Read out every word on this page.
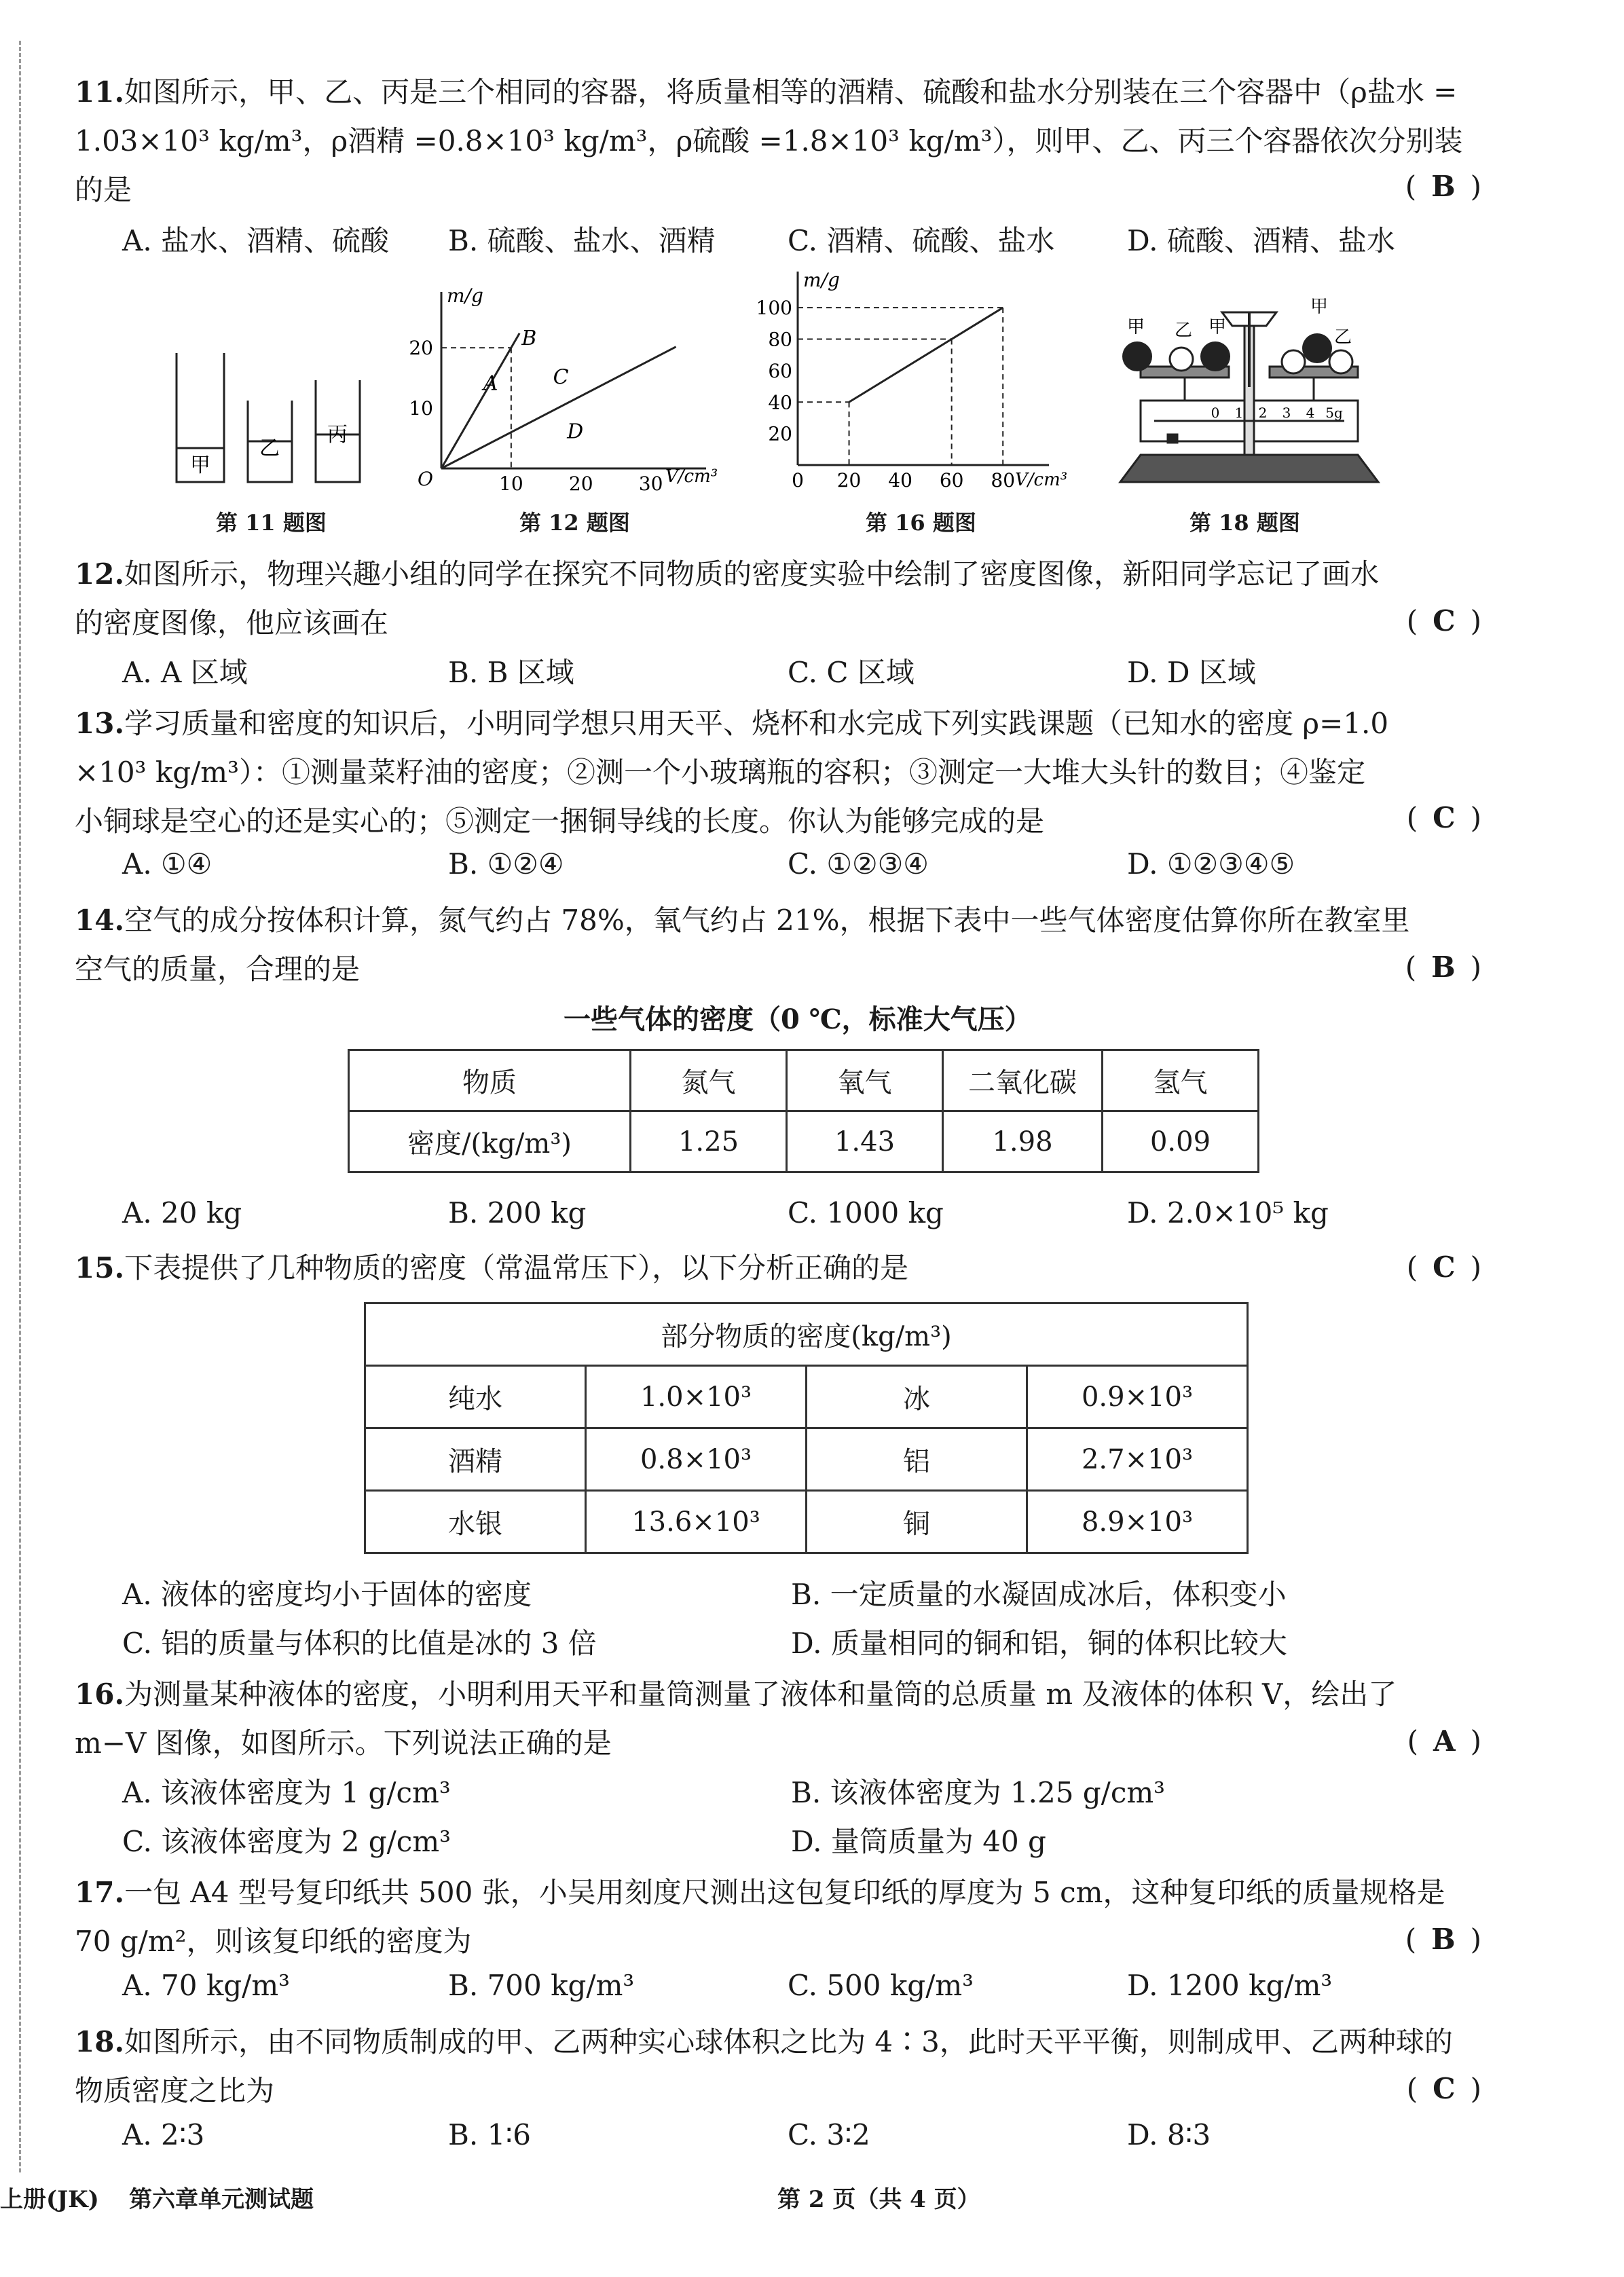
11.如图所示，甲、乙、丙是三个相同的容器，将质量相等的酒精、硫酸和盐水分别装在三个容器中（ρ盐水 =
1.03×10³ kg/m³，ρ酒精 =0.8×10³ kg/m³，ρ硫酸 =1.8×10³ kg/m³），则甲、乙、丙三个容器依次分别装
的是	( B )
A. 盐水、酒精、硫酸 B. 硫酸、盐水、酒精	C. 酒精、硫酸、盐水	D. 硫酸、酒精、盐水
甲
乙
丙
第 11 题图
m/g
V/cm³
O	10 20 30
10
20
A
B
C
D
第 12 题图
m/g
V/cm³
0 20 40 60 80
20
40
60
80
100
第 16 题图
甲 乙 甲
甲
乙
0 1 2 3 4 5g
第 18 题图
12.如图所示，物理兴趣小组的同学在探究不同物质的密度实验中绘制了密度图像，新阳同学忘记了画水
的密度图像，他应该画在	( C )
A. A 区域	B. B 区域	C. C 区域	D. D 区域
13.学习质量和密度的知识后，小明同学想只用天平、烧杯和水完成下列实践课题（已知水的密度 ρ=1.0
×10³ kg/m³）：①测量菜籽油的密度；②测一个小玻璃瓶的容积；③测定一大堆大头针的数目；④鉴定
小铜球是空心的还是实心的；⑤测定一捆铜导线的长度。你认为能够完成的是	( C )
A. ①④	B. ①②④	C. ①②③④	D. ①②③④⑤
14.空气的成分按体积计算，氮气约占 78%，氧气约占 21%，根据下表中一些气体密度估算你所在教室里
空气的质量，合理的是	( B )
一些气体的密度（0 ℃，标准大气压）
物质	氮气	氧气	二氧化碳	氢气
密度/(kg/m³)	1.25	1.43	1.98	0.09
A. 20 kg	B. 200 kg	C. 1000 kg	D. 2.0×10⁵ kg
15.下表提供了几种物质的密度（常温常压下），以下分析正确的是	( C )
部分物质的密度(kg/m³)			
纯水	1.0×10³	冰	0.9×10³
酒精	0.8×10³	铝	2.7×10³
水银	13.6×10³	铜	8.9×10³
A. 液体的密度均小于固体的密度	B. 一定质量的水凝固成冰后，体积变小
C. 铝的质量与体积的比值是冰的 3 倍	D. 质量相同的铜和铝，铜的体积比较大
16.为测量某种液体的密度，小明利用天平和量筒测量了液体和量筒的总质量 m 及液体的体积 V，绘出了
m−V 图像，如图所示。下列说法正确的是	( A )
A. 该液体密度为 1 g/cm³	B. 该液体密度为 1.25 g/cm³
C. 该液体密度为 2 g/cm³	D. 量筒质量为 40 g
17.一包 A4 型号复印纸共 500 张，小吴用刻度尺测出这包复印纸的厚度为 5 cm，这种复印纸的质量规格是
70 g/m²，则该复印纸的密度为	( B )
A. 70 kg/m³	B. 700 kg/m³	C. 500 kg/m³	D. 1200 kg/m³
18.如图所示，由不同物质制成的甲、乙两种实心球体积之比为 4∶3，此时天平平衡，则制成甲、乙两种球的
物质密度之比为	( C )
A. 2∶3	B. 1∶6	C. 3∶2	D. 8∶3
上册(JK) 第六章单元测试题	第 2 页（共 4 页）
